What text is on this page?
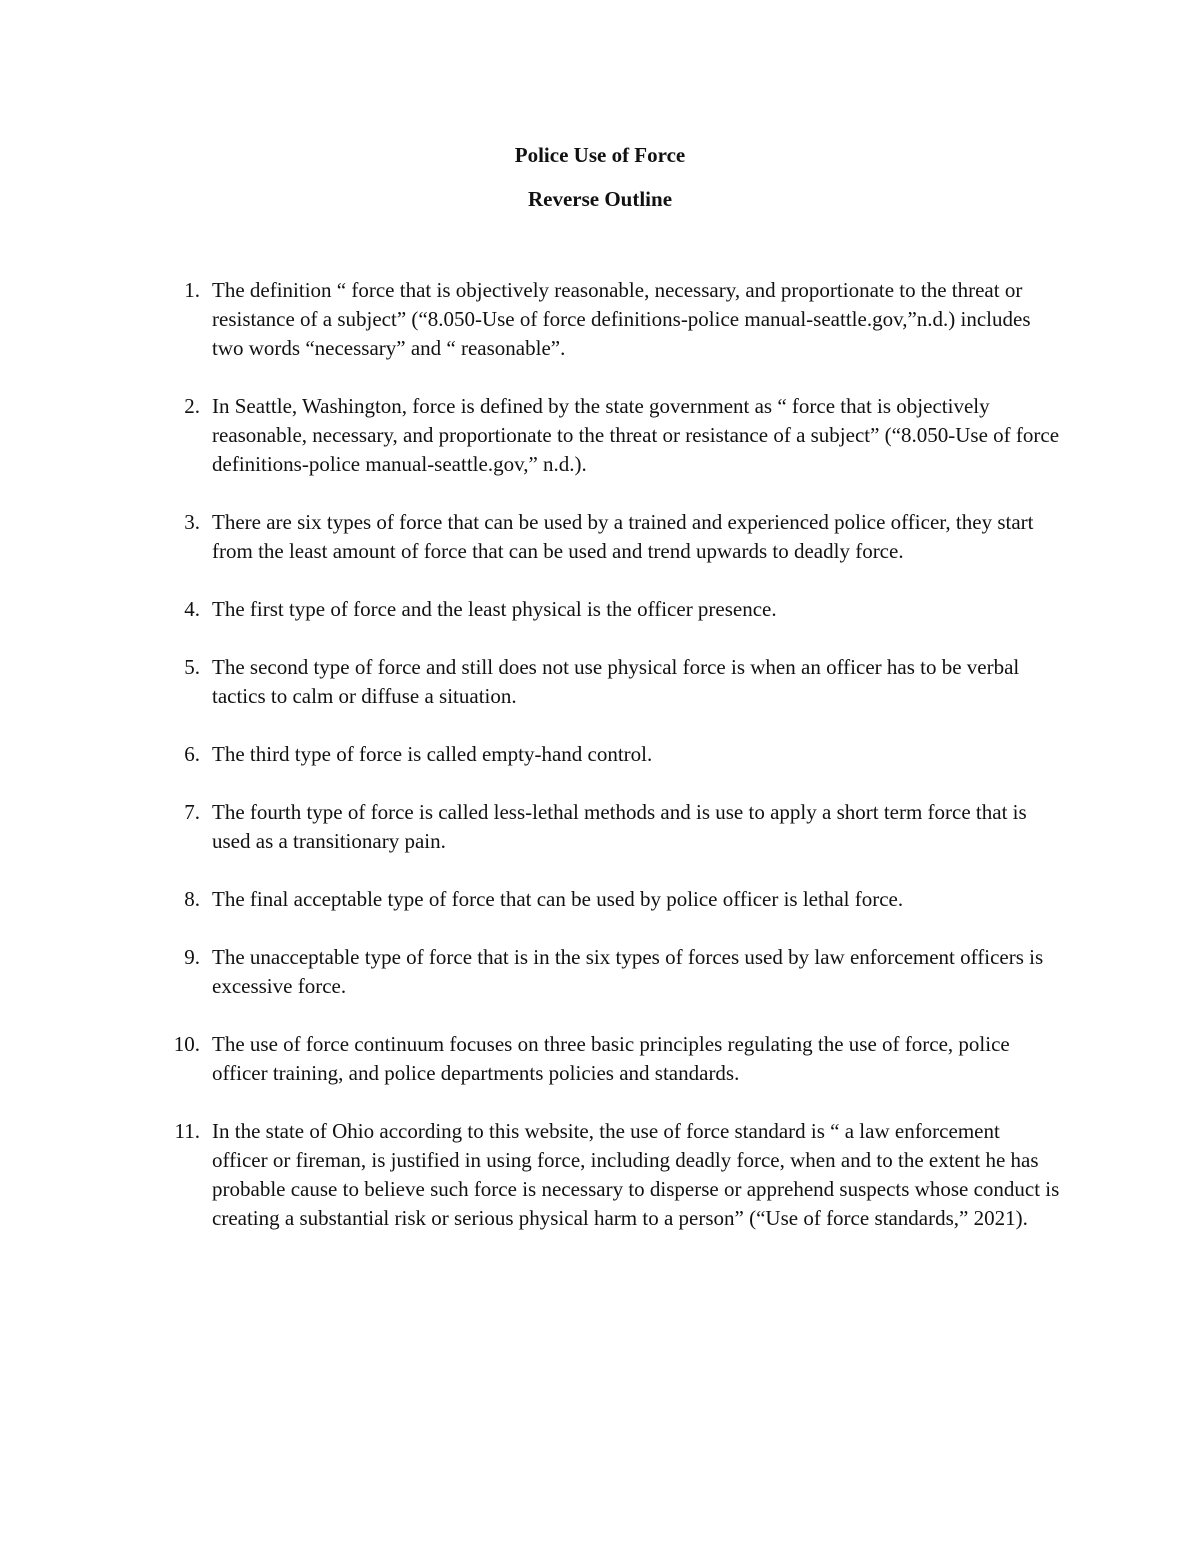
Police Use of Force
Reverse Outline
1. The definition “ force that is objectively reasonable, necessary, and proportionate to the threat or resistance of a subject” (“8.050-Use of force definitions-police manual-seattle.gov,”n.d.) includes two words “necessary” and “ reasonable”.
2. In Seattle, Washington, force is defined by the state government as “ force that is objectively reasonable, necessary, and proportionate to the threat or resistance of a subject” (“8.050-Use of force definitions-police manual-seattle.gov,” n.d.).
3. There are six types of force that can be used by a trained and experienced police officer, they start from the least amount of force that can be used and trend upwards to deadly force.
4. The first type of force and the least physical is the officer presence.
5. The second type of force and still does not use physical force is when an officer has to be verbal tactics to calm or diffuse a situation.
6. The third type of force is called empty-hand control.
7. The fourth type of force is called less-lethal methods and is use to apply a short term force that is used as a transitionary pain.
8. The final acceptable type of force that can be used by police officer is lethal force.
9. The unacceptable type of force that is in the six types of forces used by law enforcement officers is excessive force.
10. The use of force continuum focuses on three basic principles regulating the use of force, police officer training, and police departments policies and standards.
11. In the state of Ohio according to this website, the use of force standard is “ a law enforcement officer or fireman, is justified in using force, including deadly force, when and to the extent he has probable cause to believe such force is necessary to disperse or apprehend suspects whose conduct is creating a substantial risk or serious physical harm to a person” (“Use of force standards,” 2021).
